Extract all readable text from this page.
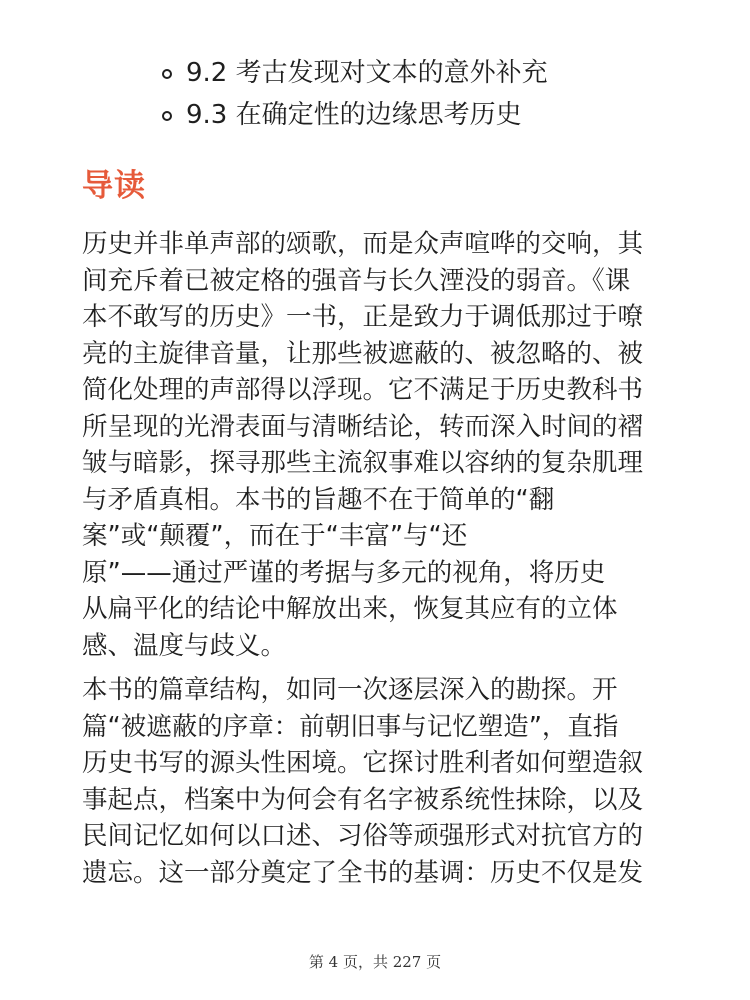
9.2 考古发现对文本的意外补充
9.3 在确定性的边缘思考历史
导读

历史并非单声部的颂歌，而是众声喧哗的交响，其
间充斥着已被定格的强音与长久湮没的弱音。《课
本不敢写的历史》一书，正是致力于调低那过于嘹
亮的主旋律音量，让那些被遮蔽的、被忽略的、被
简化处理的声部得以浮现。它不满足于历史教科书
所呈现的光滑表面与清晰结论，转而深入时间的褶
皱与暗影，探寻那些主流叙事难以容纳的复杂肌理
与矛盾真相。本书的旨趣不在于简单的“翻
案”或“颠覆”，而在于“丰富”与“还
原”——通过严谨的考据与多元的视角，将历史
从扁平化的结论中解放出来，恢复其应有的立体
感、温度与歧义。

本书的篇章结构，如同一次逐层深入的勘探。开
篇“被遮蔽的序章：前朝旧事与记忆塑造”，直指
历史书写的源头性困境。它探讨胜利者如何塑造叙
事起点，档案中为何会有名字被系统性抹除，以及
民间记忆如何以口述、习俗等顽强形式对抗官方的
遗忘。这一部分奠定了全书的基调：历史不仅是发

第 4 页，共 227 页
